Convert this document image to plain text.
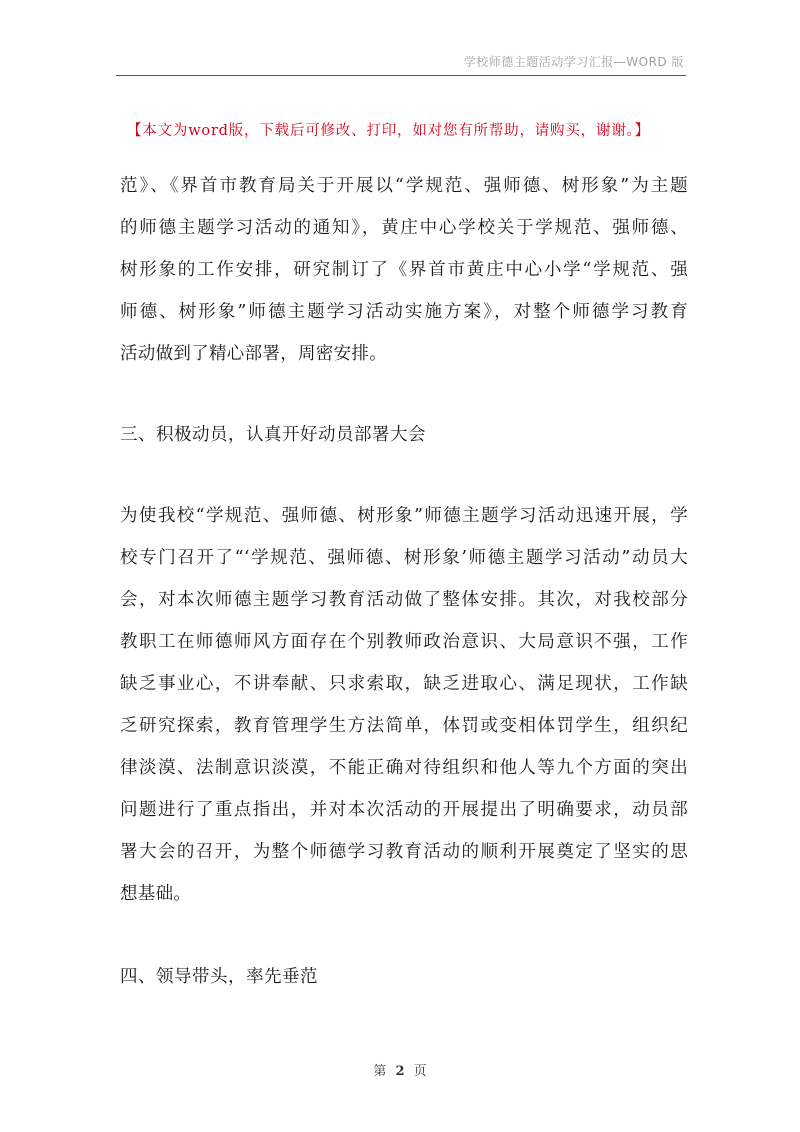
学校师德主题活动学习汇报—WORD 版
【本文为word版，下载后可修改、打印，如对您有所帮助，请购买，谢谢。】
范》、《界首市教育局关于开展以“学规范、强师德、树形象”为主题
的师德主题学习活动的通知》，黄庄中心学校关于学规范、强师德、
树形象的工作安排，研究制订了《界首市黄庄中心小学“学规范、强
师德、树形象”师德主题学习活动实施方案》，对整个师德学习教育
活动做到了精心部署，周密安排。
三、积极动员，认真开好动员部署大会
为使我校“学规范、强师德、树形象”师德主题学习活动迅速开展，学
校专门召开了“‘学规范、强师德、树形象’师德主题学习活动”动员大
会，对本次师德主题学习教育活动做了整体安排。其次，对我校部分
教职工在师德师风方面存在个别教师政治意识、大局意识不强，工作
缺乏事业心，不讲奉献、只求索取，缺乏进取心、满足现状，工作缺
乏研究探索，教育管理学生方法简单，体罚或变相体罚学生，组织纪
律淡漠、法制意识淡漠，不能正确对待组织和他人等九个方面的突出
问题进行了重点指出，并对本次活动的开展提出了明确要求，动员部
署大会的召开，为整个师德学习教育活动的顺利开展奠定了坚实的思
想基础。
四、领导带头，率先垂范
第 2 页
